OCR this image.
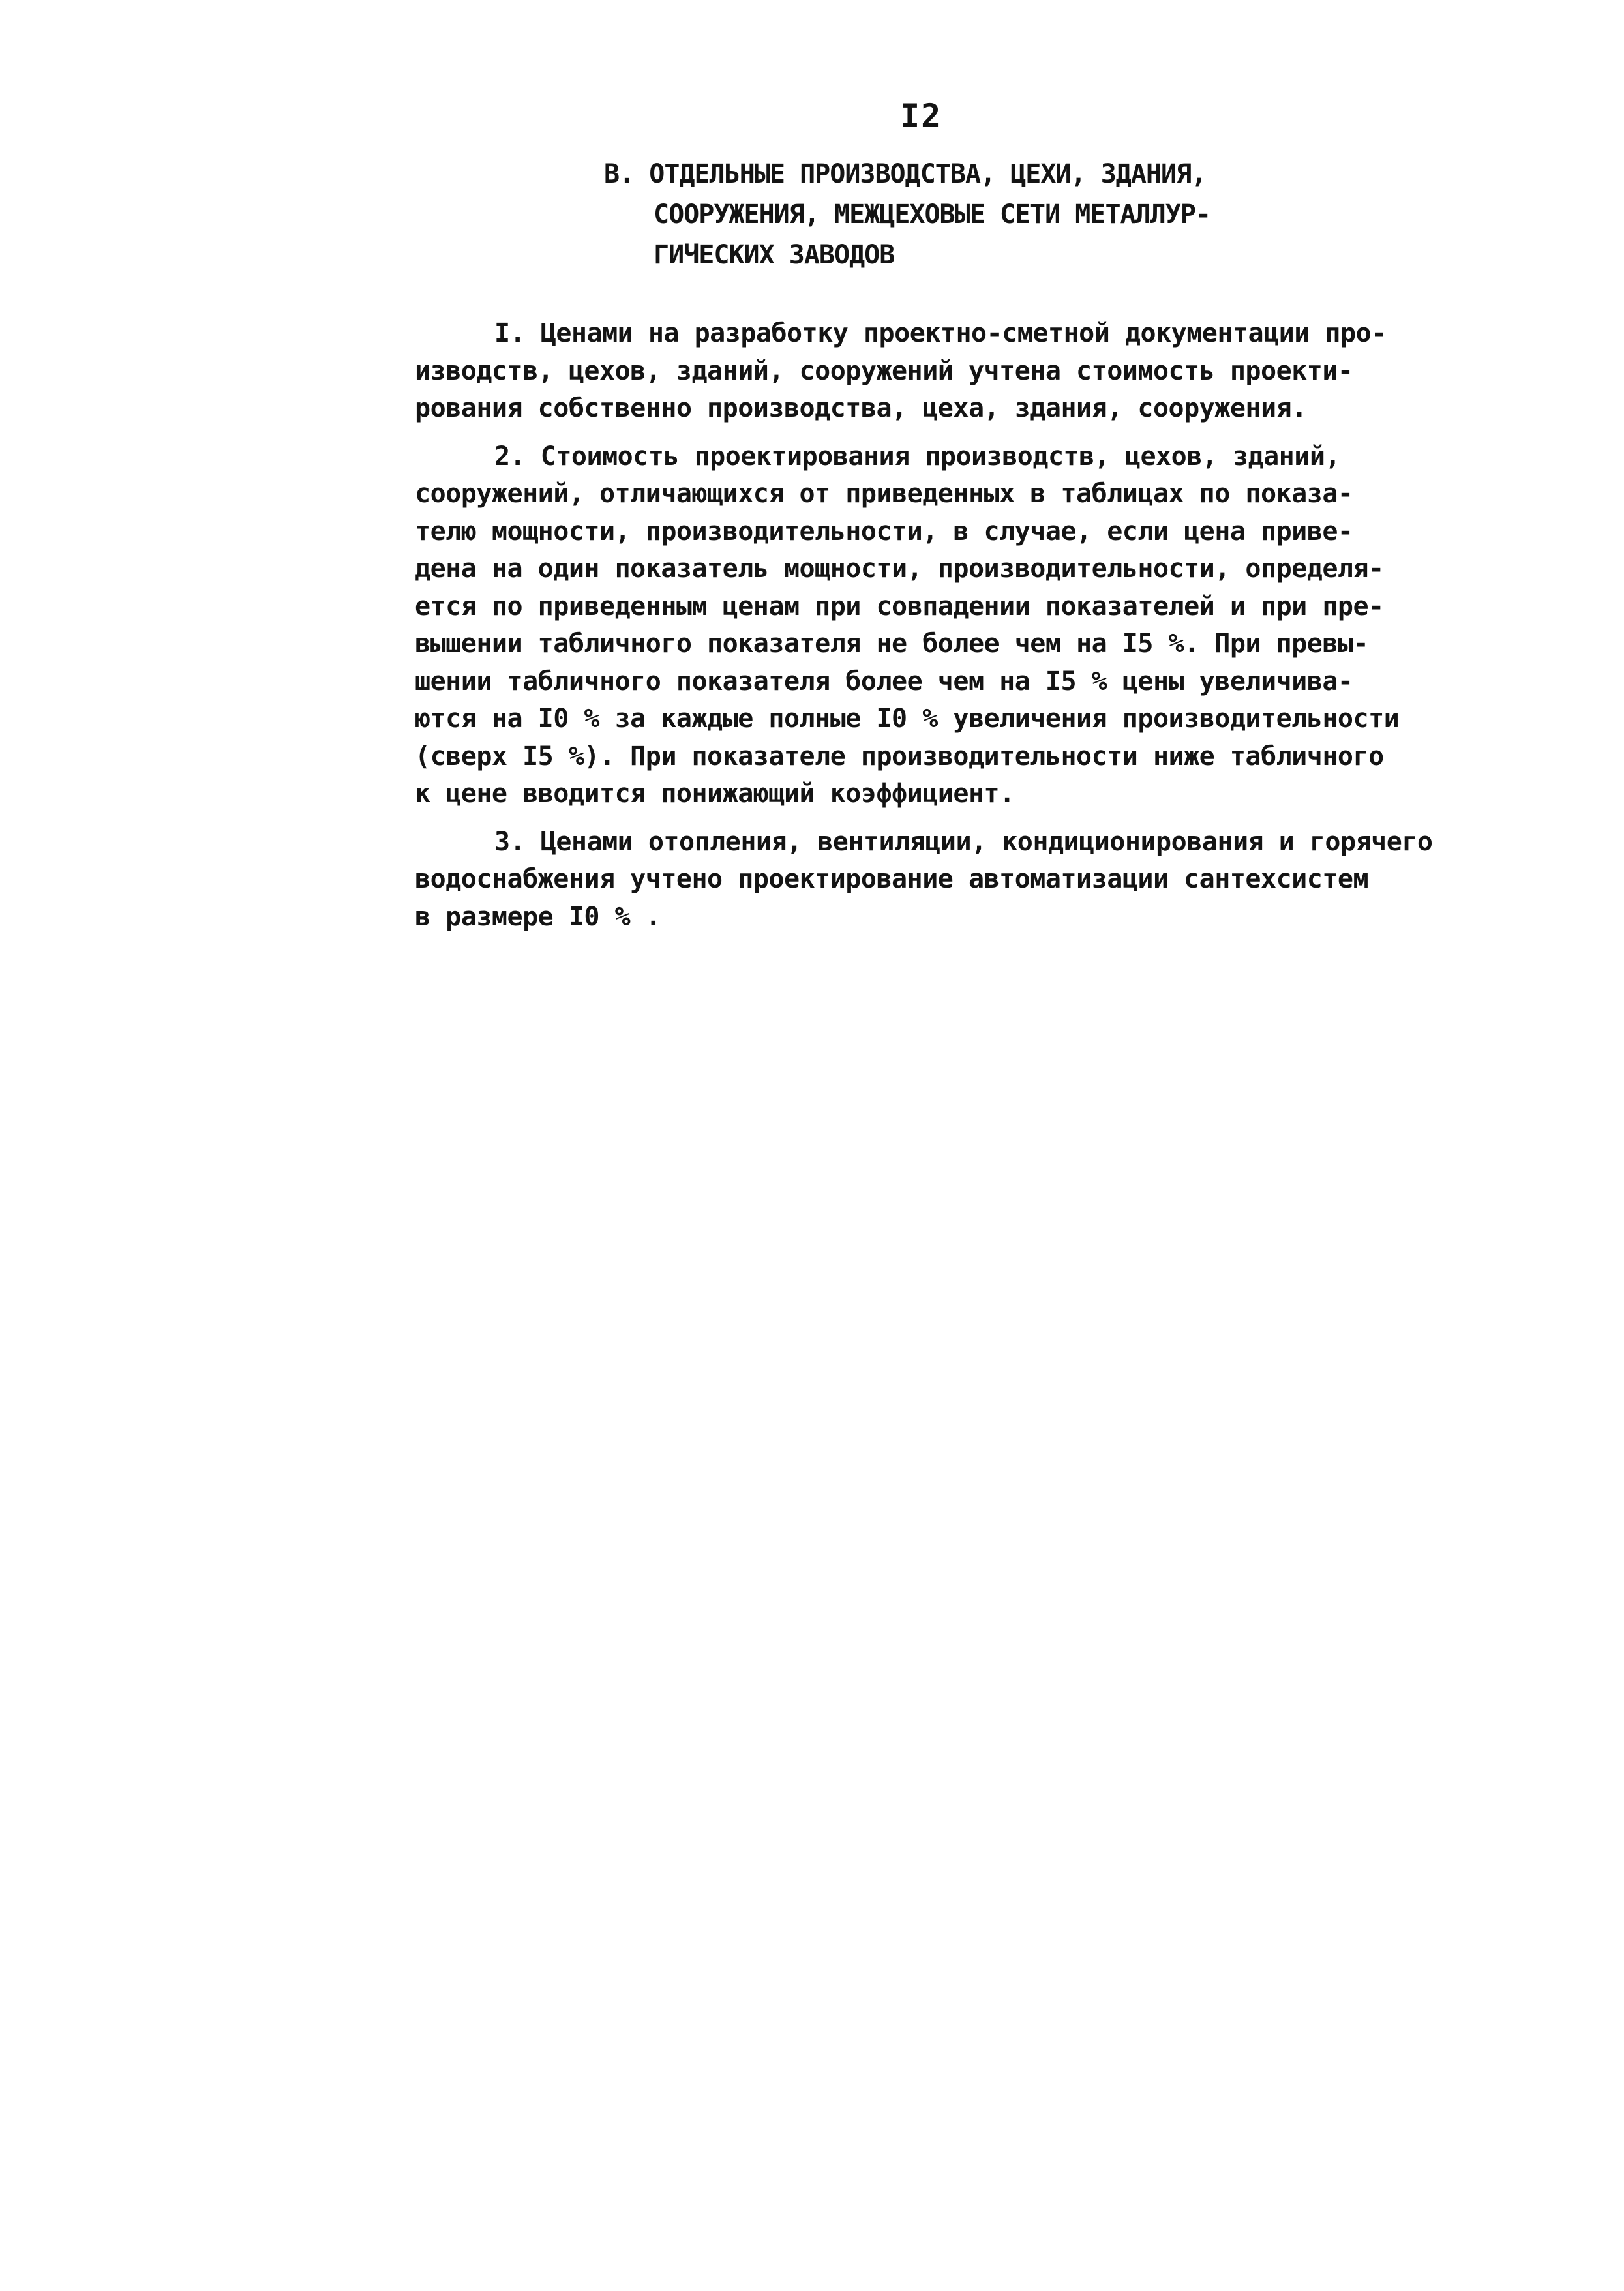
I2
В. ОТДЕЛЬНЫЕ ПРОИЗВОДСТВА, ЦЕХИ, ЗДАНИЯ,
СООРУЖЕНИЯ, МЕЖЦЕХОВЫЕ СЕТИ МЕТАЛЛУР-
ГИЧЕСКИХ ЗАВОДОВ

I. Ценами на разработку проектно-сметной документации про-
изводств, цехов, зданий, сооружений учтена стоимость проекти-
рования собственно производства, цеха, здания, сооружения.

2. Стоимость проектирования производств, цехов, зданий,
сооружений, отличающихся от приведенных в таблицах по показа-
телю мощности, производительности, в случае, если цена приве-
дена на один показатель мощности, производительности, определя-
ется по приведенным ценам при совпадении показателей и при пре-
вышении табличного показателя не более чем на I5 %. При превы-
шении табличного показателя более чем на I5 % цены увеличива-
ются на I0 % за каждые полные I0 % увеличения производительности
(сверх I5 %). При показателе производительности ниже табличного
к цене вводится понижающий коэффициент.

3. Ценами отопления, вентиляции, кондиционирования и горячего
водоснабжения учтено проектирование автоматизации сантехсистем
в размере I0 % .
